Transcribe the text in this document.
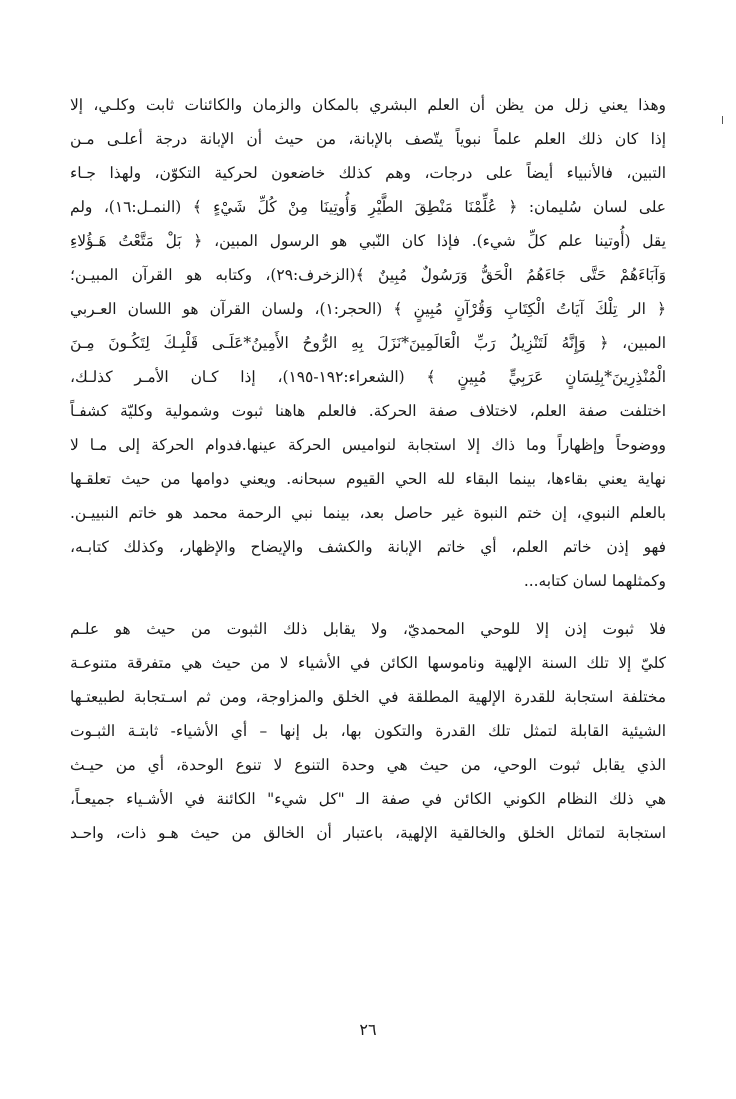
وهذا يعني زلل من يظن أن العلم البشري بالمكان والزمان والكائنات ثابت وكلـي، إلا
إذا كان ذلك العلم علماً نبوياً يتّصف بالإبانة، من حيث أن الإبانة درجة أعلـى مـن
التبين، فالأنبياء أيضاً على درجات، وهم كذلك خاضعون لحركية التكوّن، ولهذا جـاء
على لسان سُليمان: ﴿ عُلِّمْنَا مَنْطِقَ الطَّيْرِ وَأُوتِينَا مِنْ كُلِّ شَيْءٍ ﴾ (النمـل:١٦)، ولم
يقل (أُوتينا علم كلِّ شيء). فإذا كان النّبي هو الرسول المبين، ﴿ بَلْ مَتَّعْتُ هَـؤُلاءِ
وَآبَاءَهُمْ حَتَّى جَاءَهُمُ الْحَقُّ وَرَسُولٌ مُبِينٌ ﴾(الزخرف:٢٩)، وكتابه هو القرآن المبيـن؛
﴿ الر تِلْكَ آيَاتُ الْكِتَابِ وَقُرْآنٍ مُبِينٍ ﴾ (الحجر:١)، ولسان القرآن هو اللسان العـربي
المبين، ﴿ وَإِنَّهُ لَتَنْزِيلُ رَبِّ الْعَالَمِينَ*نَزَلَ بِهِ الرُّوحُ الأَمِينُ*عَلَـى قَلْبِـكَ لِتَكُـونَ مِـنَ
الْمُنْذِرِينَ*بِلِسَانٍ عَرَبِيٍّ مُبِينٍ ﴾ (الشعراء:١٩٢-١٩٥)، إذا كـان الأمـر كذلـك،
اختلفت صفة العلم، لاختلاف صفة الحركة. فالعلم هاهنا ثبوت وشمولية وكليّة كشفـاً
ووضوحاً وإظهاراً وما ذاك إلا استجابة لنواميس الحركة عينها.فدوام الحركة إلى مـا لا
نهاية يعني بقاءها، بينما البقاء لله الحي القيوم سبحانه. ويعني دوامها من حيث تعلقـها
بالعلم النبوي، إن ختم النبوة غير حاصل بعد، بينما نبي الرحمة محمد هو خاتم النبييـن.
فهو إذن خاتم العلم، أي خاتم الإبانة والكشف والإيضاح والإظهار، وكذلك كتابـه،
وكمثلهما لسان كتابه...
فلا ثبوت إذن إلا للوحي المحمديّ، ولا يقابل ذلك الثبوت من حيث هو علـم
كليّ إلا تلك السنة الإلهية وناموسها الكائن في الأشياء لا من حيث هي متفرقة متنوعـة
مختلفة استجابة للقدرة الإلهية المطلقة في الخلق والمزاوجة، ومن ثم اسـتجابة لطبيعتـها
الشيئية القابلة لتمثل تلك القدرة والتكون بها، بل إنها – أي الأشياء- ثابتـة الثبـوت
الذي يقابل ثبوت الوحي، من حيث هي وحدة التنوع لا تنوع الوحدة، أي من حيـث
هي ذلك النظام الكوني الكائن في صفة الـ "كل شيء" الكائنة في الأشـياء جميعـاً،
استجابة لتماثل الخلق والخالقية الإلهية، باعتبار أن الخالق من حيث هـو ذات، واحـد
٢٦
